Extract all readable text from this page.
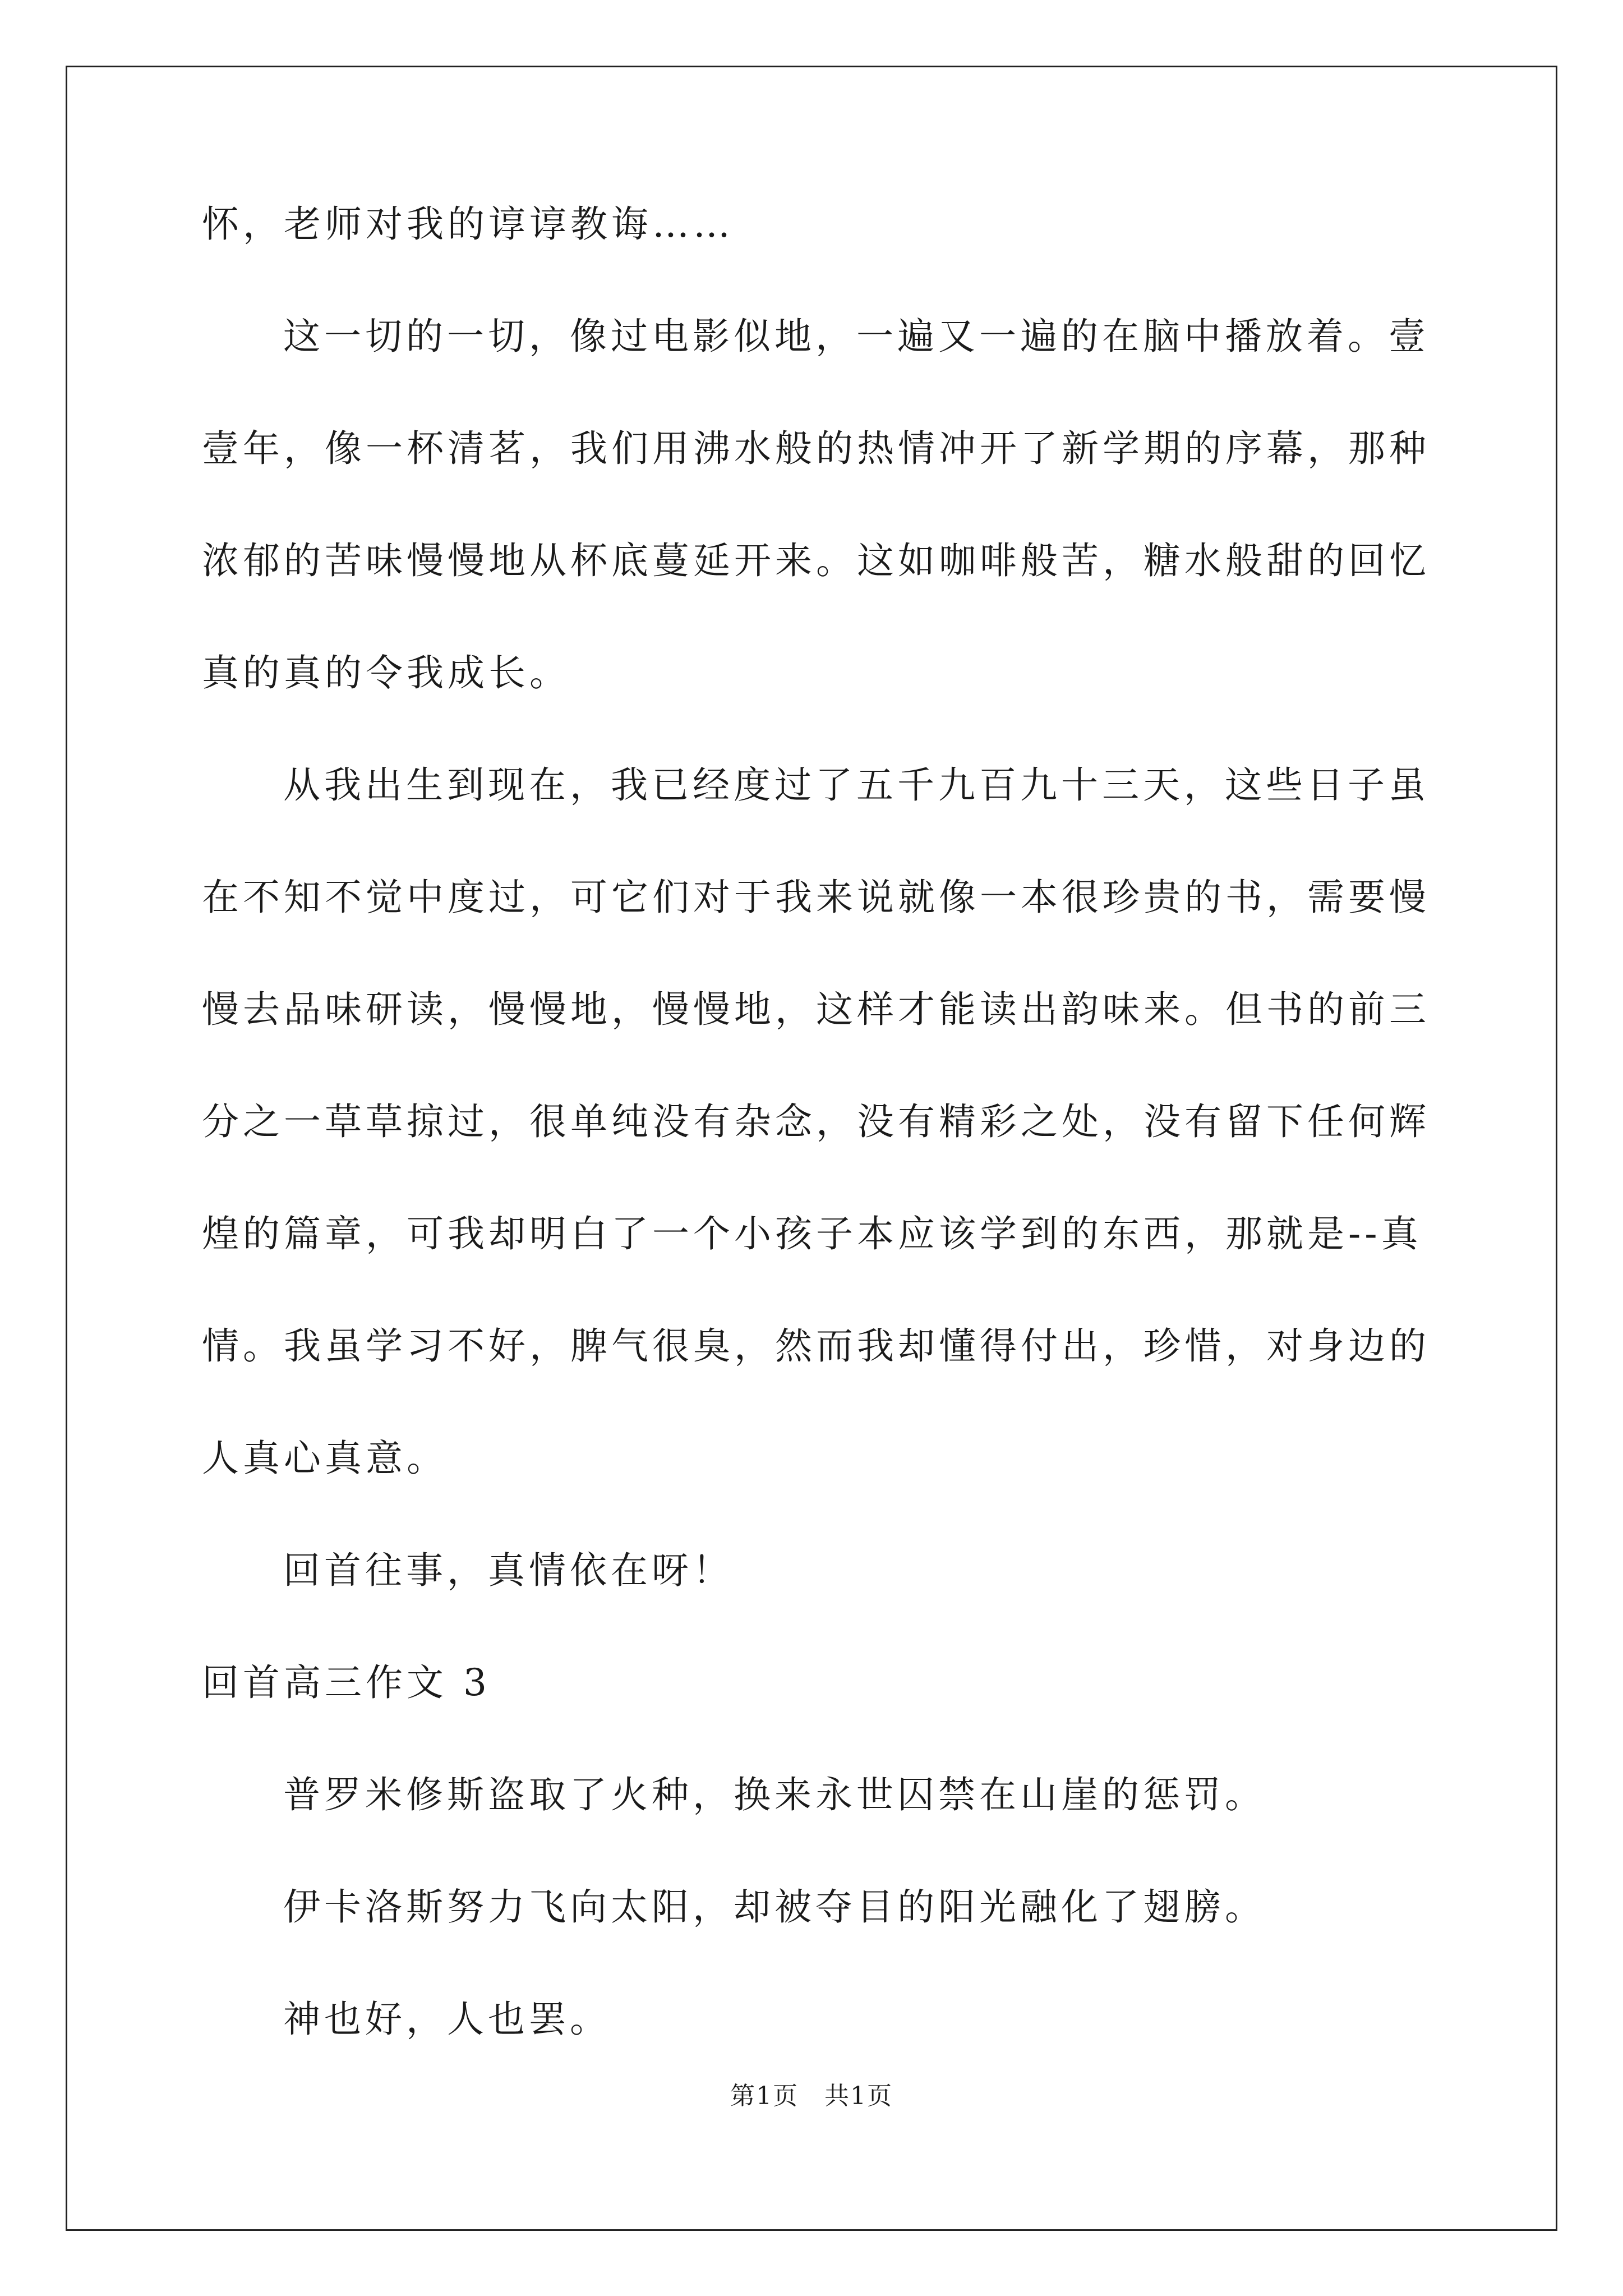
怀，老师对我的谆谆教诲……
这一切的一切，像过电影似地，一遍又一遍的在脑中播放着。壹
壹年，像一杯清茗，我们用沸水般的热情冲开了新学期的序幕，那种
浓郁的苦味慢慢地从杯底蔓延开来。这如咖啡般苦，糖水般甜的回忆
真的真的令我成长。
从我出生到现在，我已经度过了五千九百九十三天，这些日子虽
在不知不觉中度过，可它们对于我来说就像一本很珍贵的书，需要慢
慢去品味研读，慢慢地，慢慢地，这样才能读出韵味来。但书的前三
分之一草草掠过，很单纯没有杂念，没有精彩之处，没有留下任何辉
煌的篇章，可我却明白了一个小孩子本应该学到的东西，那就是--真
情。我虽学习不好，脾气很臭，然而我却懂得付出，珍惜，对身边的
人真心真意。
回首往事，真情依在呀！
回首高三作文 3
普罗米修斯盗取了火种，换来永世囚禁在山崖的惩罚。
伊卡洛斯努力飞向太阳，却被夺目的阳光融化了翅膀。
神也好，人也罢。
第1页　共1页
